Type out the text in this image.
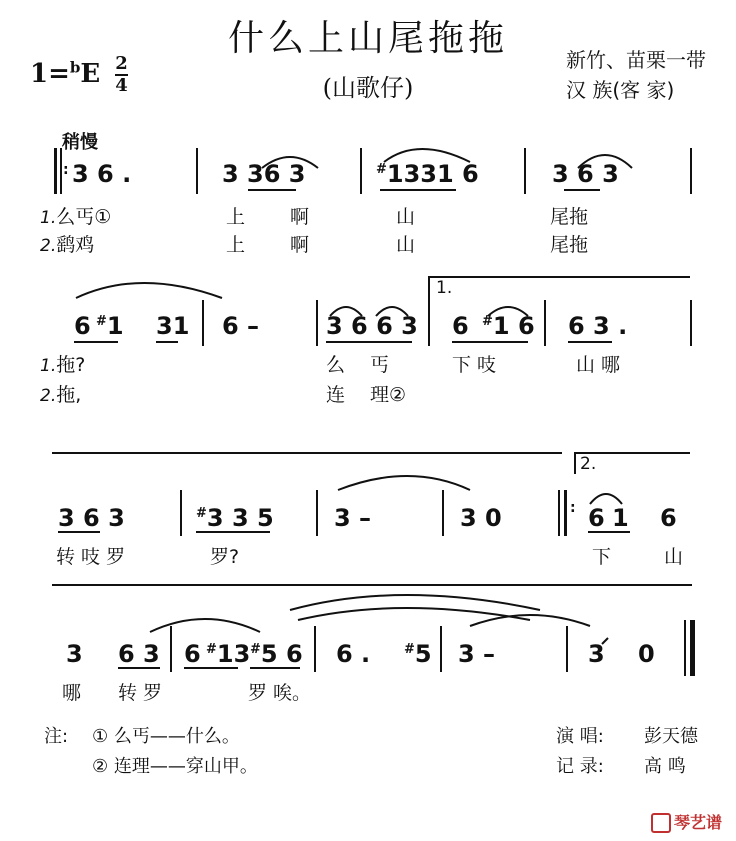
什么上山尾拖拖
(山歌仔)
$1=^bE \frac{2}{4}$	新竹、苗栗一带
汉 族(客 家)
稍慢
: 3 6 .	3 36 3	#1331 6	3 6 3
1.么丐①	上 啊	山	尾拖
2.鹞鸡	上 啊	山	尾拖
6 #1 31 6 –	3 6 6 3
1.
6 #1 6 6 3 .
1.拖?	么 丐	下 吱	山 哪
2.拖,	连 理②
3 6 3	#3 3 5	3 –	3 0	:
2.
6 1 6
转 吱 罗	罗?	下	山
3 6 3 6 #13 #5 6 6 .	#5 3 –	3 0
哪 转 罗	罗 唉。
注: ① 么丐——什么。
② 连理——穿山甲。
演 唱: 彭天德
记 录: 高 鸣
琴艺谱
